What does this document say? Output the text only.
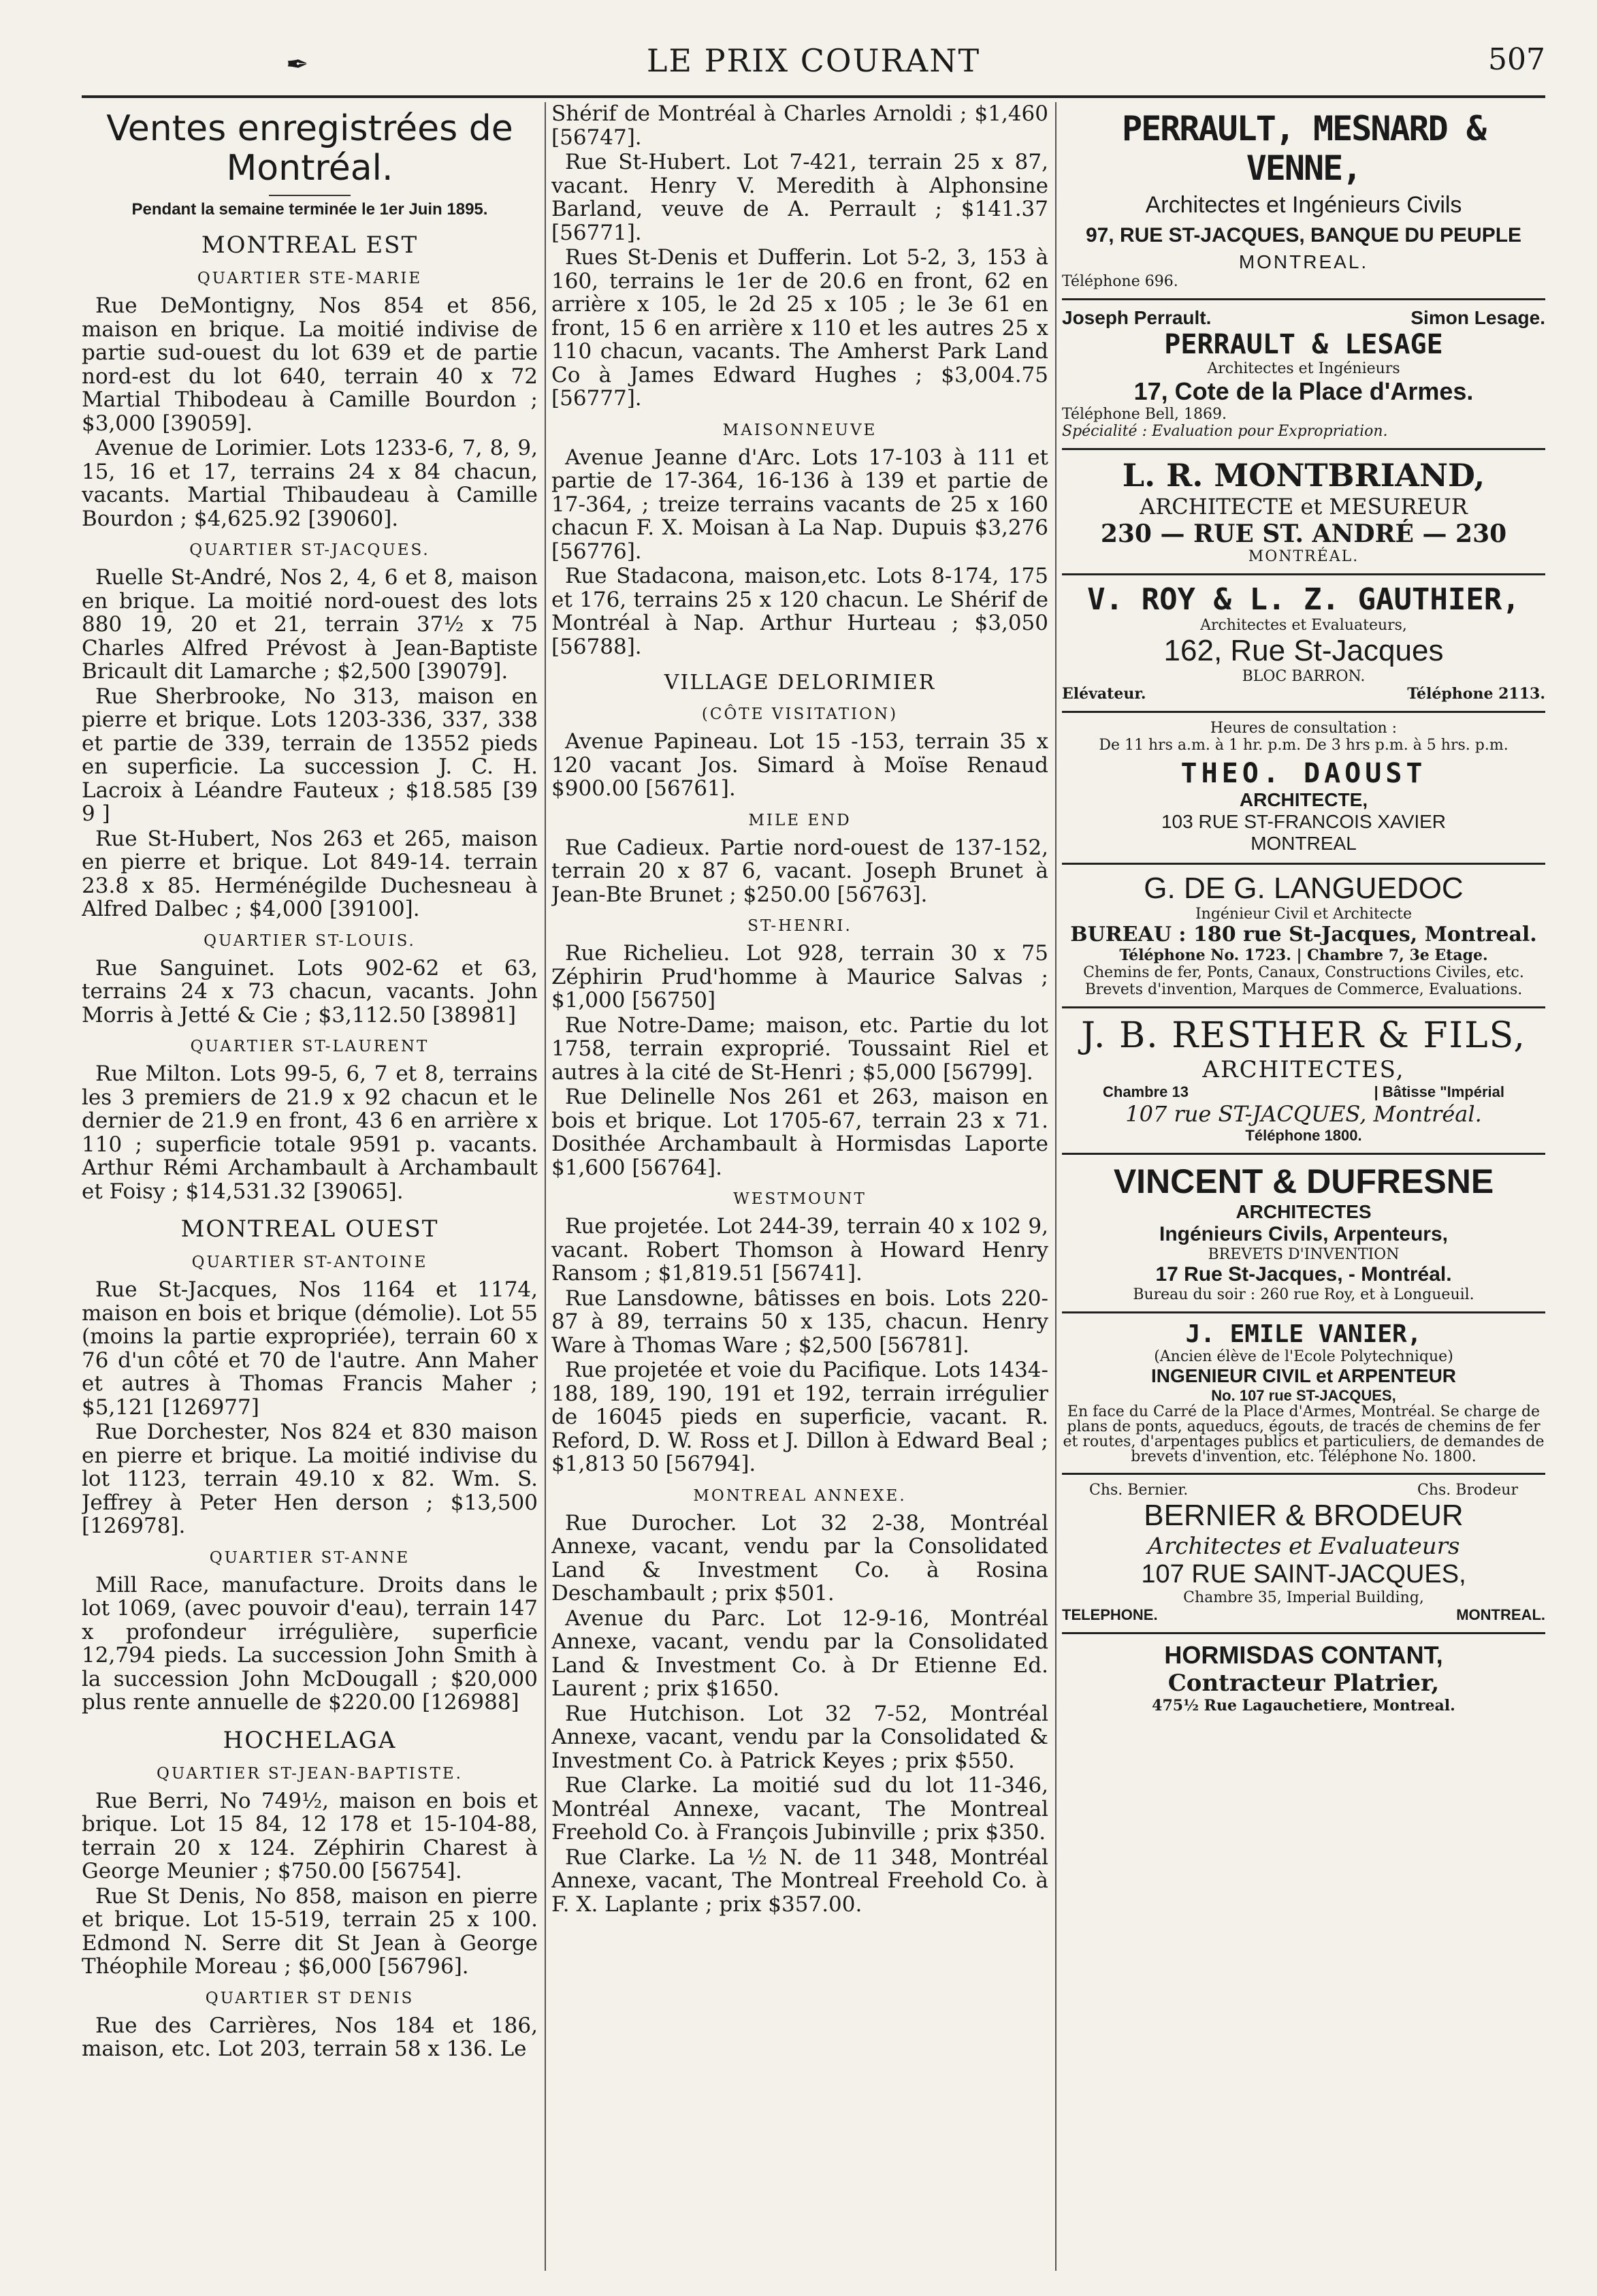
✒	LE PRIX COURANT	507
Ventes enregistrées de Montréal.
Pendant la semaine terminée le 1er Juin 1895.
MONTREAL EST
QUARTIER STE-MARIE

Rue DeMontigny, Nos 854 et 856, maison en brique. La moitié indivise de partie sud-ouest du lot 639 et de partie nord-est du lot 640, terrain 40 x 72 Martial Thibodeau à Camille Bourdon ; $3,000 [39059].

Avenue de Lorimier. Lots 1233-6, 7, 8, 9, 15, 16 et 17, terrains 24 x 84 chacun, vacants. Martial Thibaudeau à Camille Bourdon ; $4,625.92 [39060].

QUARTIER ST-JACQUES.

Ruelle St-André, Nos 2, 4, 6 et 8, maison en brique. La moitié nord-ouest des lots 880 19, 20 et 21, terrain 37½ x 75 Charles Alfred Prévost à Jean-Baptiste Bricault dit Lamarche ; $2,500 [39079].

Rue Sherbrooke, No 313, maison en pierre et brique. Lots 1203-336, 337, 338 et partie de 339, terrain de 13552 pieds en superficie. La succession J. C. H. Lacroix à Léandre Fauteux ; $18.585 [39 9 ]

Rue St-Hubert, Nos 263 et 265, maison en pierre et brique. Lot 849-14. terrain 23.8 x 85. Herménégilde Duchesneau à Alfred Dalbec ; $4,000 [39100].

QUARTIER ST-LOUIS.

Rue Sanguinet. Lots 902-62 et 63, terrains 24 x 73 chacun, vacants. John Morris à Jetté & Cie ; $3,112.50 [38981]

QUARTIER ST-LAURENT

Rue Milton. Lots 99-5, 6, 7 et 8, terrains les 3 premiers de 21.9 x 92 chacun et le dernier de 21.9 en front, 43 6 en arrière x 110 ; superficie totale 9591 p. vacants. Arthur Rémi Archambault à Archambault et Foisy ; $14,531.32 [39065].

MONTREAL OUEST
QUARTIER ST-ANTOINE

Rue St-Jacques, Nos 1164 et 1174, maison en bois et brique (démolie). Lot 55 (moins la partie expropriée), terrain 60 x 76 d'un côté et 70 de l'autre. Ann Maher et autres à Thomas Francis Maher ; $5,121 [126977]

Rue Dorchester, Nos 824 et 830 maison en pierre et brique. La moitié indivise du lot 1123, terrain 49.10 x 82. Wm. S. Jeffrey à Peter Hen derson ; $13,500 [126978].

QUARTIER ST-ANNE

Mill Race, manufacture. Droits dans le lot 1069, (avec pouvoir d'eau), terrain 147 x profondeur irrégulière, superficie 12,794 pieds. La succession John Smith à la succession John McDougall ; $20,000 plus rente annuelle de $220.00 [126988]

HOCHELAGA
QUARTIER ST-JEAN-BAPTISTE.

Rue Berri, No 749½, maison en bois et brique. Lot 15 84, 12 178 et 15-104-88, terrain 20 x 124. Zéphirin Charest à George Meunier ; $750.00 [56754].

Rue St Denis, No 858, maison en pierre et brique. Lot 15-519, terrain 25 x 100. Edmond N. Serre dit St Jean à George Théophile Moreau ; $6,000 [56796].

QUARTIER ST DENIS

Rue des Carrières, Nos 184 et 186, maison, etc. Lot 203, terrain 58 x 136. Le

Shérif de Montréal à Charles Arnoldi ; $1,460 [56747].

Rue St-Hubert. Lot 7-421, terrain 25 x 87, vacant. Henry V. Meredith à Alphonsine Barland, veuve de A. Perrault ; $141.37 [56771].

Rues St-Denis et Dufferin. Lot 5-2, 3, 153 à 160, terrains le 1er de 20.6 en front, 62 en arrière x 105, le 2d 25 x 105 ; le 3e 61 en front, 15 6 en arrière x 110 et les autres 25 x 110 chacun, vacants. The Amherst Park Land Co à James Edward Hughes ; $3,004.75 [56777].

MAISONNEUVE

Avenue Jeanne d'Arc. Lots 17-103 à 111 et partie de 17-364, 16-136 à 139 et partie de 17-364, ; treize terrains vacants de 25 x 160 chacun F. X. Moisan à La Nap. Dupuis $3,276 [56776].

Rue Stadacona, maison,etc. Lots 8-174, 175 et 176, terrains 25 x 120 chacun. Le Shérif de Montréal à Nap. Arthur Hurteau ; $3,050 [56788].

VILLAGE DELORIMIER
(CÔTE VISITATION)

Avenue Papineau. Lot 15 -153, terrain 35 x 120 vacant Jos. Simard à Moïse Renaud $900.00 [56761].

MILE END

Rue Cadieux. Partie nord-ouest de 137-152, terrain 20 x 87 6, vacant. Joseph Brunet à Jean-Bte Brunet ; $250.00 [56763].

ST-HENRI.

Rue Richelieu. Lot 928, terrain 30 x 75 Zéphirin Prud'homme à Maurice Salvas ; $1,000 [56750]

Rue Notre-Dame; maison, etc. Partie du lot 1758, terrain exproprié. Toussaint Riel et autres à la cité de St-Henri ; $5,000 [56799].

Rue Delinelle Nos 261 et 263, maison en bois et brique. Lot 1705-67, terrain 23 x 71. Dosithée Archambault à Hormisdas Laporte $1,600 [56764].

WESTMOUNT

Rue projetée. Lot 244-39, terrain 40 x 102 9, vacant. Robert Thomson à Howard Henry Ransom ; $1,819.51 [56741].

Rue Lansdowne, bâtisses en bois. Lots 220-87 à 89, terrains 50 x 135, chacun. Henry Ware à Thomas Ware ; $2,500 [56781].

Rue projetée et voie du Pacifique. Lots 1434-188, 189, 190, 191 et 192, terrain irrégulier de 16045 pieds en superficie, vacant. R. Reford, D. W. Ross et J. Dillon à Edward Beal ; $1,813 50 [56794].

MONTREAL ANNEXE.

Rue Durocher. Lot 32 2-38, Montréal Annexe, vacant, vendu par la Consolidated Land & Investment Co. à Rosina Deschambault ; prix $501.

Avenue du Parc. Lot 12-9-16, Montréal Annexe, vacant, vendu par la Consolidated Land & Investment Co. à Dr Etienne Ed. Laurent ; prix $1650.

Rue Hutchison. Lot 32 7-52, Montréal Annexe, vacant, vendu par la Consolidated & Investment Co. à Patrick Keyes ; prix $550.

Rue Clarke. La moitié sud du lot 11-346, Montréal Annexe, vacant, The Montreal Freehold Co. à François Jubinville ; prix $350.

Rue Clarke. La ½ N. de 11 348, Montréal Annexe, vacant, The Montreal Freehold Co. à F. X. Laplante ; prix $357.00.

PERRAULT, MESNARD & VENNE,
Architectes et Ingénieurs Civils
97, RUE ST-JACQUES, BANQUE DU PEUPLE
MONTREAL.
Téléphone 696.
Joseph Perrault.	Simon Lesage.
PERRAULT & LESAGE
Architectes et Ingénieurs
17, Cote de la Place d'Armes.
Téléphone Bell, 1869.
Spécialité : Evaluation pour Expropriation.
L. R. MONTBRIAND,
ARCHITECTE et MESUREUR
230 — RUE ST. ANDRÉ — 230
MONTRÉAL.
V. ROY & L. Z. GAUTHIER,
Architectes et Evaluateurs,
162, Rue St-Jacques
BLOC BARRON.
Elévateur.	Téléphone 2113.
Heures de consultation :
De 11 hrs a.m. à 1 hr. p.m. De 3 hrs p.m. à 5 hrs. p.m.
THEO. DAOUST
ARCHITECTE,
103 RUE ST-FRANCOIS XAVIER
MONTREAL
G. DE G. LANGUEDOC
Ingénieur Civil et Architecte
BUREAU : 180 rue St-Jacques, Montreal.
Téléphone No. 1723. | Chambre 7, 3e Etage.
Chemins de fer, Ponts, Canaux, Constructions Civiles, etc. Brevets d'invention, Marques de Commerce, Evaluations.
J. B. RESTHER & FILS,
ARCHITECTES,
Chambre 13	| Bâtisse "Impérial
107 rue ST-JACQUES, Montréal.
Téléphone 1800.
VINCENT & DUFRESNE
ARCHITECTES
Ingénieurs Civils, Arpenteurs,
BREVETS D'INVENTION
17 Rue St-Jacques, - Montréal.
Bureau du soir : 260 rue Roy, et à Longueuil.
J. EMILE VANIER,
(Ancien élève de l'Ecole Polytechnique)
INGENIEUR CIVIL et ARPENTEUR
No. 107 rue ST-JACQUES,
En face du Carré de la Place d'Armes, Montréal. Se charge de plans de ponts, aqueducs, égouts, de tracés de chemins de fer et routes, d'arpentages publics et particuliers, de demandes de brevets d'invention, etc. Téléphone No. 1800.
Chs. Bernier.	Chs. Brodeur
BERNIER & BRODEUR
Architectes et Evaluateurs
107 RUE SAINT-JACQUES,
Chambre 35, Imperial Building,
TELEPHONE.	MONTREAL.
HORMISDAS CONTANT,
Contracteur Platrier,
475½ Rue Lagauchetiere, Montreal.
